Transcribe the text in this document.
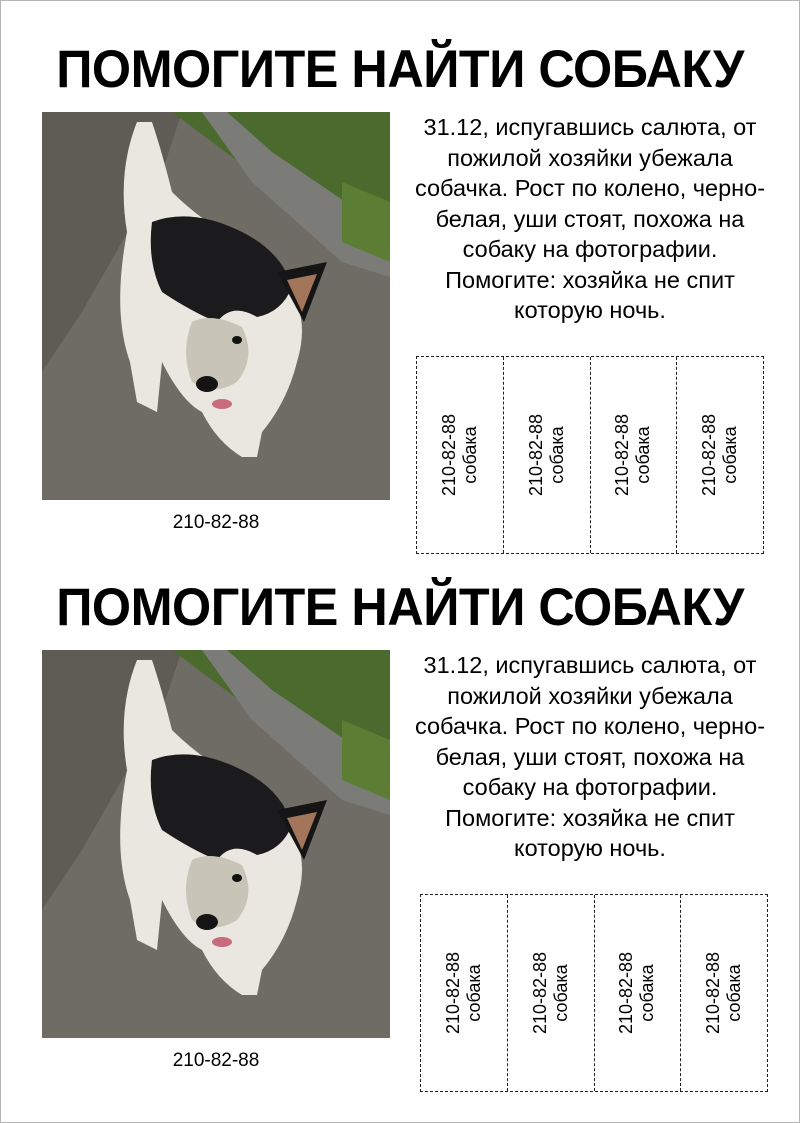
ПОМОГИТЕ НАЙТИ СОБАКУ
210-82-88
31.12, испугавшись салюта, от пожилой хозяйки убежала собачка. Рост по колено, черно-белая, уши стоят, похожа на собаку на фотографии. Помогите: хозяйка не спит которую ночь.
210-82-88 собака	210-82-88 собака	210-82-88 собака	210-82-88 собака
ПОМОГИТЕ НАЙТИ СОБАКУ
210-82-88
31.12, испугавшись салюта, от пожилой хозяйки убежала собачка. Рост по колено, черно-белая, уши стоят, похожа на собаку на фотографии. Помогите: хозяйка не спит которую ночь.
210-82-88 собака	210-82-88 собака	210-82-88 собака	210-82-88 собака
